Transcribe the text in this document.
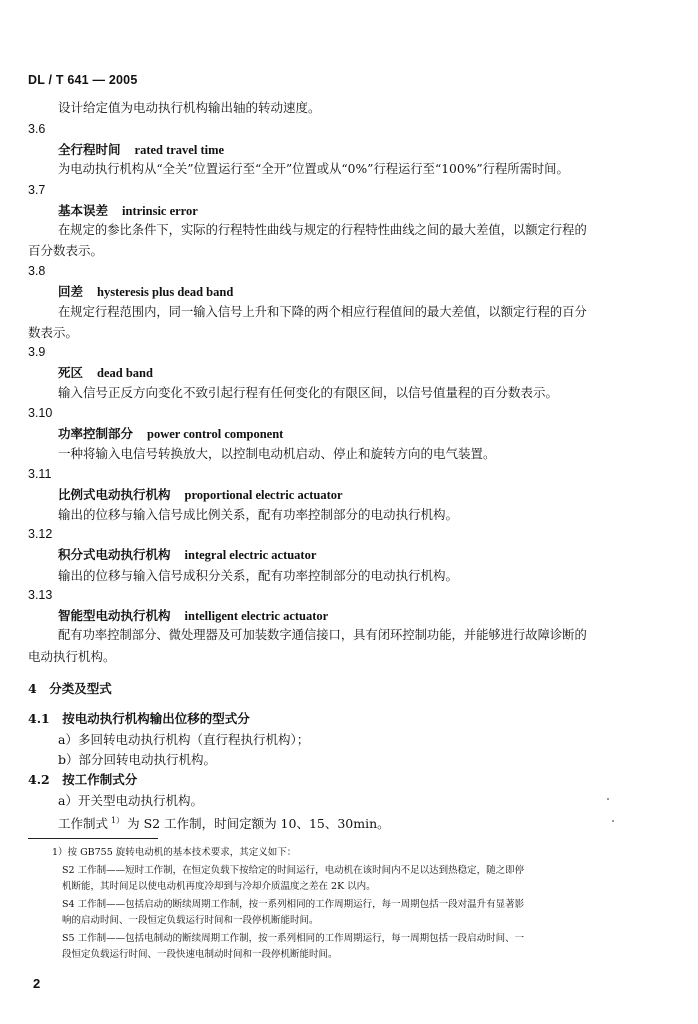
DL / T 641 — 2005
设计给定值为电动执行机构输出轴的转动速度。
3.6
全行程时间 rated travel time
为电动执行机构从“全关”位置运行至“全开”位置或从“0%”行程运行至“100%”行程所需时间。
3.7
基本误差 intrinsic error
在规定的参比条件下，实际的行程特性曲线与规定的行程特性曲线之间的最大差值，以额定行程的
百分数表示。
3.8
回差 hysteresis plus dead band
在规定行程范围内，同一输入信号上升和下降的两个相应行程值间的最大差值，以额定行程的百分
数表示。
3.9
死区 dead band
输入信号正反方向变化不致引起行程有任何变化的有限区间，以信号值量程的百分数表示。
3.10
功率控制部分 power control component
一种将输入电信号转换放大，以控制电动机启动、停止和旋转方向的电气装置。
3.11
比例式电动执行机构 proportional electric actuator
输出的位移与输入信号成比例关系，配有功率控制部分的电动执行机构。
3.12
积分式电动执行机构 integral electric actuator
输出的位移与输入信号成积分关系，配有功率控制部分的电动执行机构。
3.13
智能型电动执行机构 intelligent electric actuator
配有功率控制部分、微处理器及可加装数字通信接口，具有闭环控制功能，并能够进行故障诊断的
电动执行机构。
4　分类及型式
4.1　按电动执行机构输出位移的型式分
a）多回转电动执行机构（直行程执行机构）；
b）部分回转电动执行机构。
4.2　按工作制式分
a）开关型电动执行机构。
工作制式 $^{1)}$ 为 S2 工作制，时间定额为 10、15、30min。
1）按 GB755 旋转电动机的基本技术要求，其定义如下：
S2 工作制——短时工作制，在恒定负载下按给定的时间运行，电动机在该时间内不足以达到热稳定，随之即停
机断能，其时间足以使电动机再度冷却到与冷却介质温度之差在 2K 以内。
S4 工作制——包括启动的断续周期工作制，按一系列相同的工作周期运行，每一周期包括一段对温升有显著影
响的启动时间、一段恒定负载运行时间和一段停机断能时间。
S5 工作制——包括电制动的断续周期工作制，按一系列相同的工作周期运行，每一周期包括一段启动时间、一
段恒定负载运行时间、一段快速电制动时间和一段停机断能时间。
2
